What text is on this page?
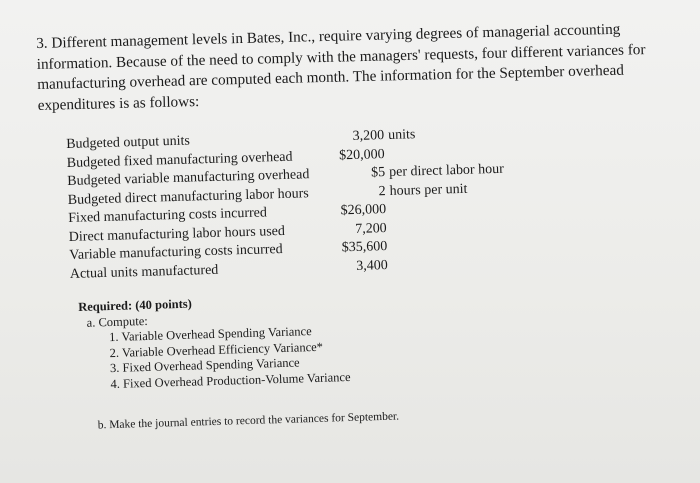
3. Different management levels in Bates, Inc., require varying degrees of managerial accounting information. Because of the need to comply with the managers' requests, four different variances for manufacturing overhead are computed each month. The information for the September overhead expenditures is as follows:

Budgeted output units	3,200 units
Budgeted fixed manufacturing overhead	$20,000
Budgeted variable manufacturing overhead	$5 per direct labor hour
Budgeted direct manufacturing labor hours	2 hours per unit
Fixed manufacturing costs incurred	$26,000
Direct manufacturing labor hours used	7,200
Variable manufacturing costs incurred	$35,600
Actual units manufactured	3,400
Required: (40 points)
a. Compute:
1. Variable Overhead Spending Variance
2. Variable Overhead Efficiency Variance*
3. Fixed Overhead Spending Variance
4. Fixed Overhead Production-Volume Variance
b. Make the journal entries to record the variances for September.
